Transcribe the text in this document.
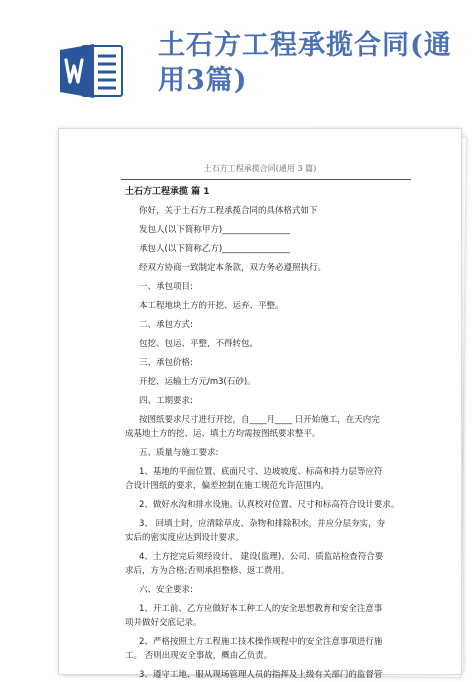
土石方工程承揽合同(通用3篇)

土石方工程承揽合同(通用 3 篇)

土石方工程承揽 篇 1

你好，关于土石方工程承揽合同的具体格式如下

发包人(以下简称甲方)________________

承包人(以下简称乙方)________________

经双方协商一致制定本条款，双方务必遵照执行。

一、承包项目:

本工程地块土方的开挖、运弃、平整。

二、承包方式:

包挖、包运、平整，不得转包。

三、承包价格:

开挖、运输土方元/m3(石砂)。

四、工期要求:

按图纸要求尺寸进行开挖，自____月____ 日开始施工，在天内完

成基地土方的挖、运、填土方均需按图纸要求整平。

五、质量与施工要求:

1、基地的平面位置、底面尺寸、边坡坡度、标高和持力层等应符

合设计图纸的要求，偏差控制在施工规范允许范围内。

2、做好水沟和排水设施。认真校对位置、尺寸和标高符合设计要求。

3、 回填土时，应清除草皮、杂物和排除积水，并应分层夯实，夯

实后的密实度应达到设计要求。

4、土方挖完后须经设计、 建设(监理)、公司、质监站检查符合要

求后，方为合格;否则承担整修、返工费用。

六、安全要求:

1、开工前、乙方应做好本工种工人的安全思想教育和安全注意事

项并做好交底记录。

2、严格按照土方工程施工技术操作规程中的安全注意事项进行施

工。 否则出现安全事故，概由乙负责。

3、遵守工地、服从现场管理人员的指挥及上级有关部门的监督管
